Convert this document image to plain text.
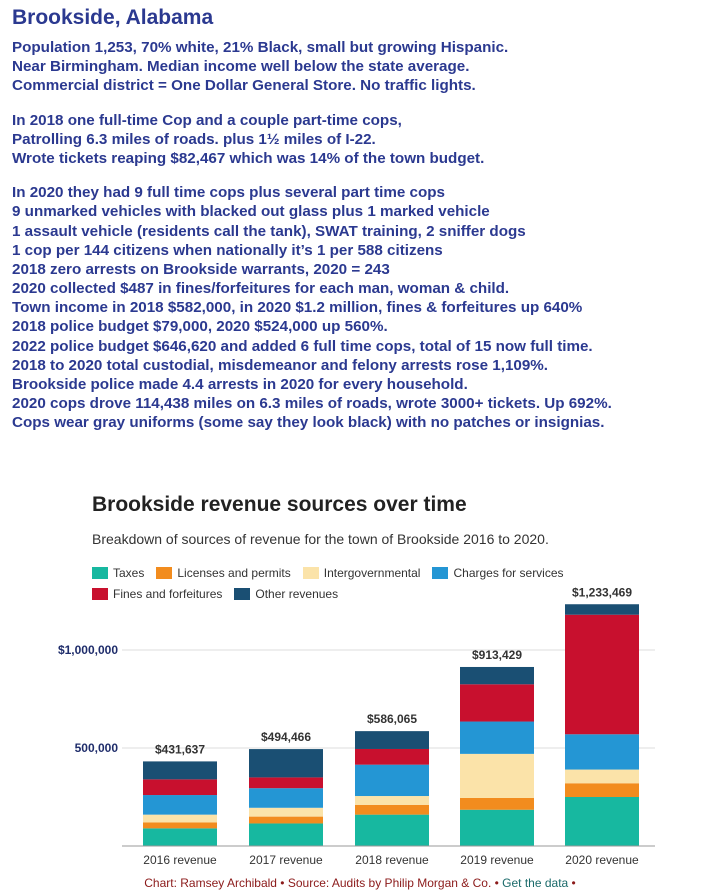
Brookside, Alabama
Population 1,253, 70% white, 21% Black, small but growing Hispanic.
Near Birmingham. Median income well below the state average.
Commercial district = One Dollar General Store. No traffic lights.
In 2018 one full-time Cop and a couple part-time cops,
Patrolling 6.3 miles of roads. plus 1½ miles of I-22.
Wrote tickets reaping $82,467 which was 14% of the town budget.
In 2020 they had 9 full time cops plus several part time cops
9 unmarked vehicles with blacked out glass plus 1 marked vehicle
1 assault vehicle (residents call the tank), SWAT training, 2 sniffer dogs
1 cop per 144 citizens when nationally it’s 1 per 588 citizens
2018 zero arrests on Brookside warrants, 2020 = 243
2020 collected $487 in fines/forfeitures for each man, woman & child.
Town income in 2018 $582,000, in 2020 $1.2 million, fines & forfeitures up 640%
2018 police budget $79,000, 2020 $524,000 up 560%.
2022 police budget $646,620 and added 6 full time cops, total of 15 now full time.
2018 to 2020 total custodial, misdemeanor and felony arrests rose 1,109%.
Brookside police made 4.4 arrests in 2020 for every household.
2020 cops drove 114,438 miles on 6.3 miles of roads, wrote 3000+ tickets. Up 692%.
Cops wear gray uniforms (some say they look black) with no patches or insignias.
Brookside revenue sources over time
Breakdown of sources of revenue for the town of Brookside 2016 to 2020.
Taxes	Licenses and permits	Intergovernmental	Charges for services
Fines and forfeitures	Other revenues
500,000
$1,000,000
$431,637
2016 revenue
$494,466
2017 revenue
$586,065
2018 revenue
$913,429
2019 revenue
$1,233,469
2020 revenue
Chart: Ramsey Archibald • Source: Audits by Philip Morgan & Co. • Get the data •
